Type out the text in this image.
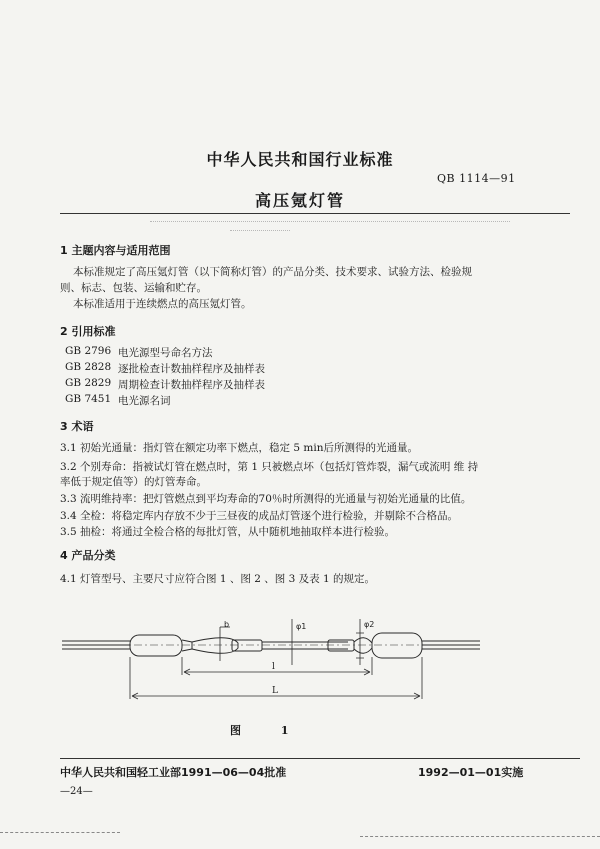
中华人民共和国行业标准
QB 1114—91
高压氪灯管
1 主题内容与适用范围
本标准规定了高压氪灯管（以下简称灯管）的产品分类、技术要求、试验方法、检验规
则、标志、包装、运输和贮存。
本标准适用于连续燃点的高压氪灯管。
2 引用标准
GB 2796 电光源型号命名方法
GB 2828 逐批检查计数抽样程序及抽样表
GB 2829 周期检查计数抽样程序及抽样表
GB 7451 电光源名词
3 术语
3.1 初始光通量：指灯管在额定功率下燃点，稳定 5 min后所测得的光通量。
3.2 个别寿命：指被试灯管在燃点时，第 1 只被燃点坏（包括灯管炸裂，漏气或流明 维 持
率低于规定值等）的灯管寿命。
3.3 流明维持率：把灯管燃点到平均寿命的70％时所测得的光通量与初始光通量的比值。
3.4 全检：将稳定库内存放不少于三昼夜的成品灯管逐个进行检验，并剔除不合格品。
3.5 抽检：将通过全检合格的每批灯管，从中随机地抽取样本进行检验。
4 产品分类
4.1 灯管型号、主要尺寸应符合图 1 、图 2 、图 3 及表 1 的规定。
b	φ1	φ2
l
L
图 1
中华人民共和国轻工业部1991—06—04批准	1992—01—01实施
—24—
